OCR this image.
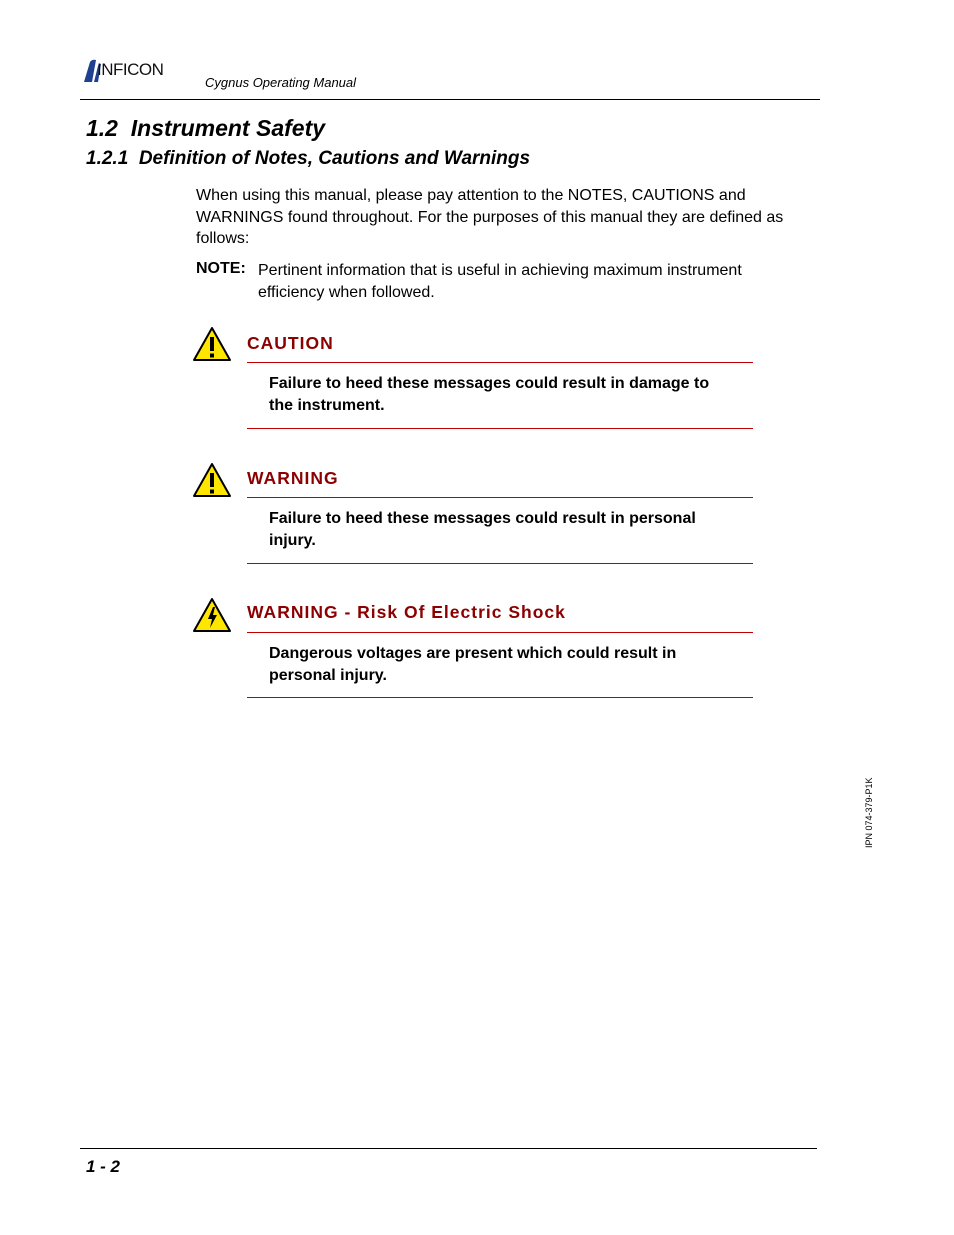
INFICON
Cygnus Operating Manual
1.2  Instrument Safety
1.2.1  Definition of Notes, Cautions and Warnings
When using this manual, please pay attention to the NOTES, CAUTIONS and WARNINGS found throughout. For the purposes of this manual they are defined as follows:
NOTE: Pertinent information that is useful in achieving maximum instrument efficiency when followed.
CAUTION
Failure to heed these messages could result in damage to the instrument.
WARNING
Failure to heed these messages could result in personal injury.
WARNING - Risk Of Electric Shock
Dangerous voltages are present which could result in personal injury.
IPN 074-379-P1K
1 - 2
